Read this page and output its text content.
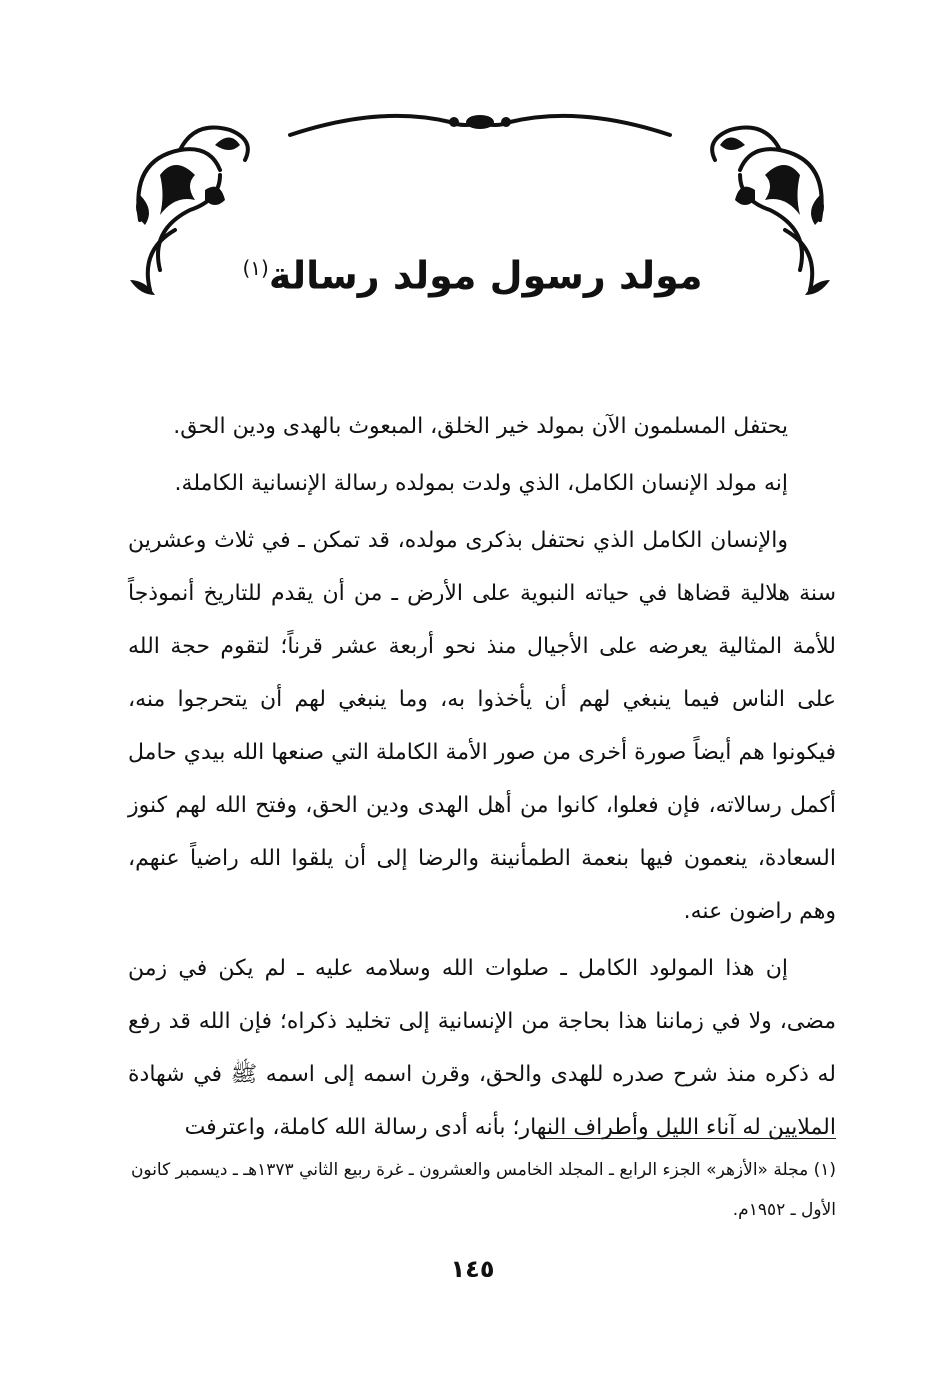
مولد رسول مولد رسالة$^{(١)}$

يحتفل المسلمون الآن بمولد خير الخلق، المبعوث بالهدى ودين الحق.

إنه مولد الإنسان الكامل، الذي ولدت بمولده رسالة الإنسانية الكاملة.

والإنسان الكامل الذي نحتفل بذكرى مولده، قد تمكن ـ في ثلاث وعشرين سنة هلالية قضاها في حياته النبوية على الأرض ـ من أن يقدم للتاريخ أنموذجاً للأمة المثالية يعرضه على الأجيال منذ نحو أربعة عشر قرناً؛ لتقوم حجة الله على الناس فيما ينبغي لهم أن يأخذوا به، وما ينبغي لهم أن يتحرجوا منه، فيكونوا هم أيضاً صورة أخرى من صور الأمة الكاملة التي صنعها الله بيدي حامل أكمل رسالاته، فإن فعلوا، كانوا من أهل الهدى ودين الحق، وفتح الله لهم كنوز السعادة، ينعمون فيها بنعمة الطمأنينة والرضا إلى أن يلقوا الله راضياً عنهم، وهم راضون عنه.

إن هذا المولود الكامل ـ صلوات الله وسلامه عليه ـ لم يكن في زمن مضى، ولا في زماننا هذا بحاجة من الإنسانية إلى تخليد ذكراه؛ فإن الله قد رفع له ذكره منذ شرح صدره للهدى والحق، وقرن اسمه إلى اسمه ﷺ في شهادة الملايين له آناء الليل وأطراف النهار؛ بأنه أدى رسالة الله كاملة، واعترفت

(١) مجلة «الأزهر» الجزء الرابع ـ المجلد الخامس والعشرون ـ غرة ربيع الثاني ١٣٧٣هـ ـ ديسمبر كانون الأول ـ ١٩٥٢م.

١٤٥
